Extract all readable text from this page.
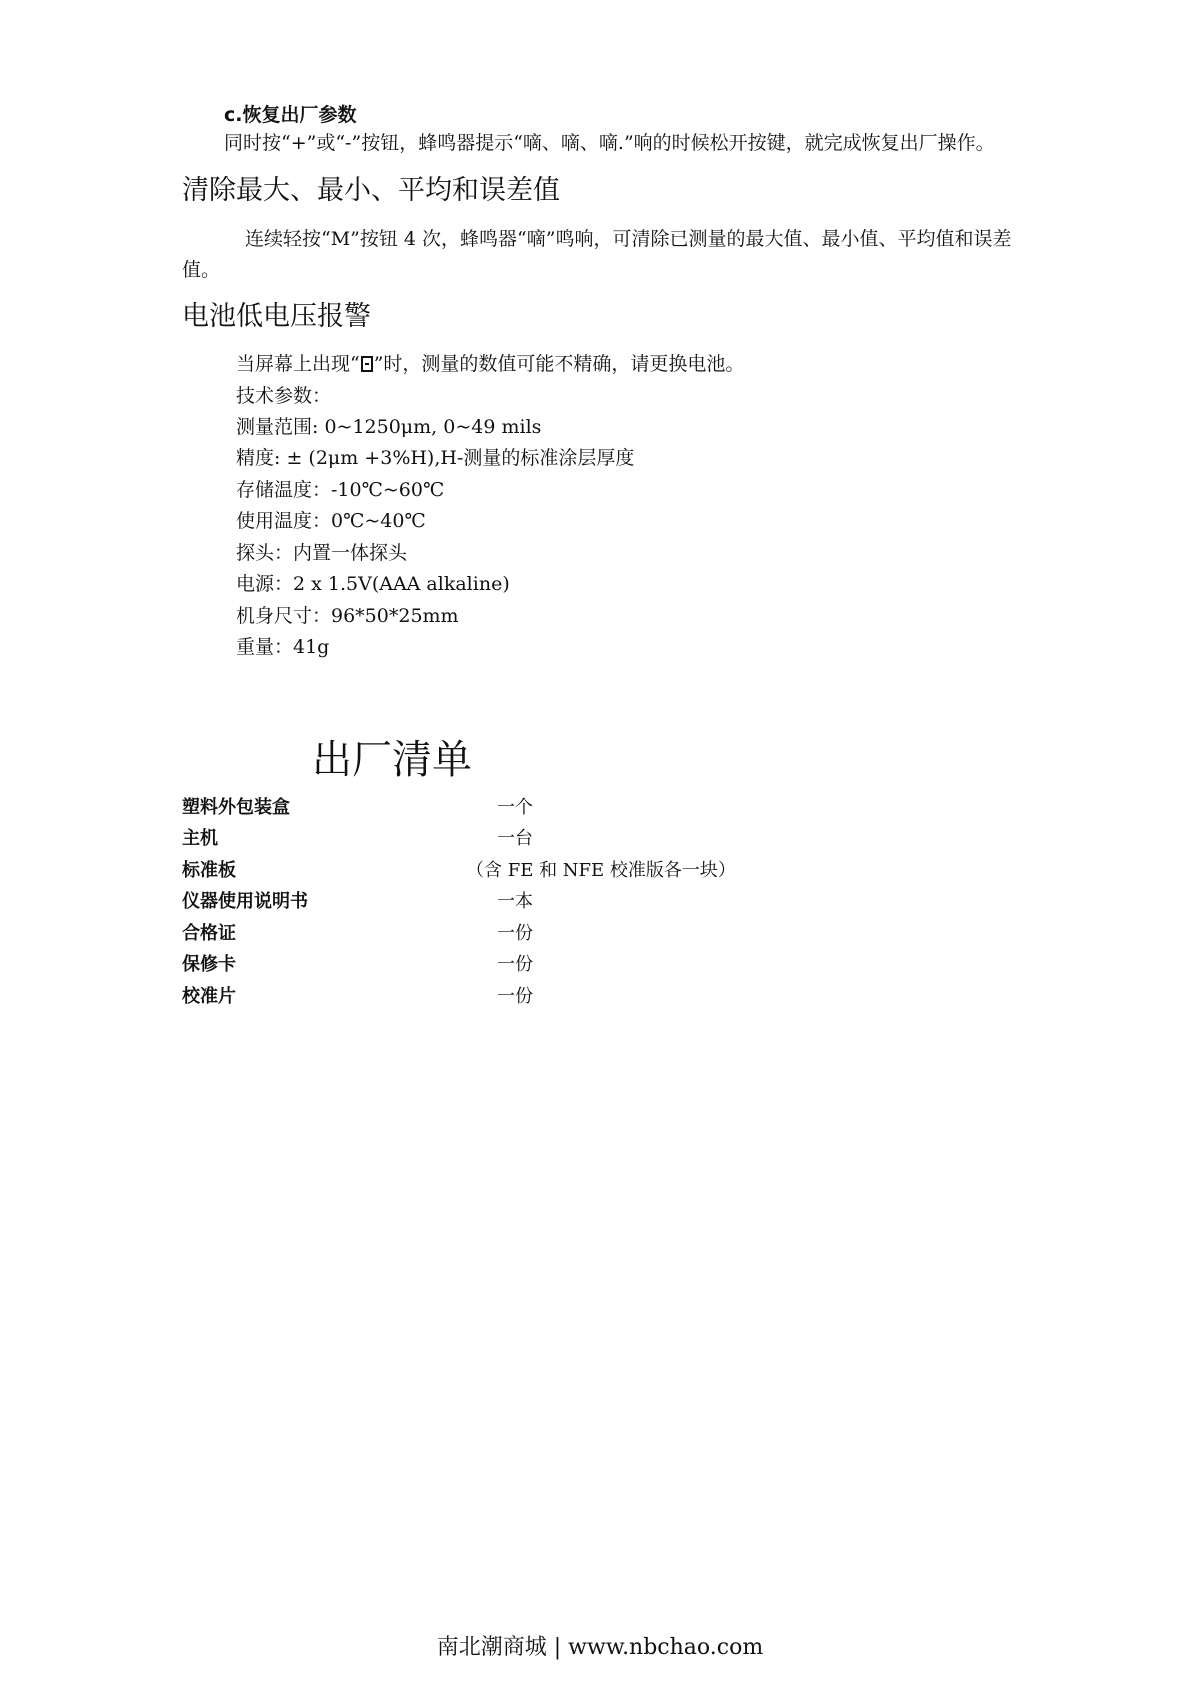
c.恢复出厂参数
同时按“+”或“-”按钮，蜂鸣器提示“嘀、嘀、嘀.”响的时候松开按键，就完成恢复出厂操作。
清除最大、最小、平均和误差值
连续轻按“M”按钮 4 次，蜂鸣器“嘀”鸣响，可清除已测量的最大值、最小值、平均值和误差
值。
电池低电压报警
当屏幕上出现“ ”时，测量的数值可能不精确，请更换电池。
技术参数：
测量范围: 0~1250μm, 0~49 mils
精度: ± (2μm +3%H),H-测量的标准涂层厚度
存储温度：-10℃~60℃
使用温度：0℃~40℃
探头：内置一体探头
电源：2 x 1.5V(AAA alkaline)
机身尺寸：96*50*25mm
重量：41g
出厂清单
塑料外包装盒	一个
主机	一台
标准板	（含 FE 和 NFE 校准版各一块）
仪器使用说明书	一本
合格证	一份
保修卡	一份
校准片	一份
南北潮商城 | www.nbchao.com
